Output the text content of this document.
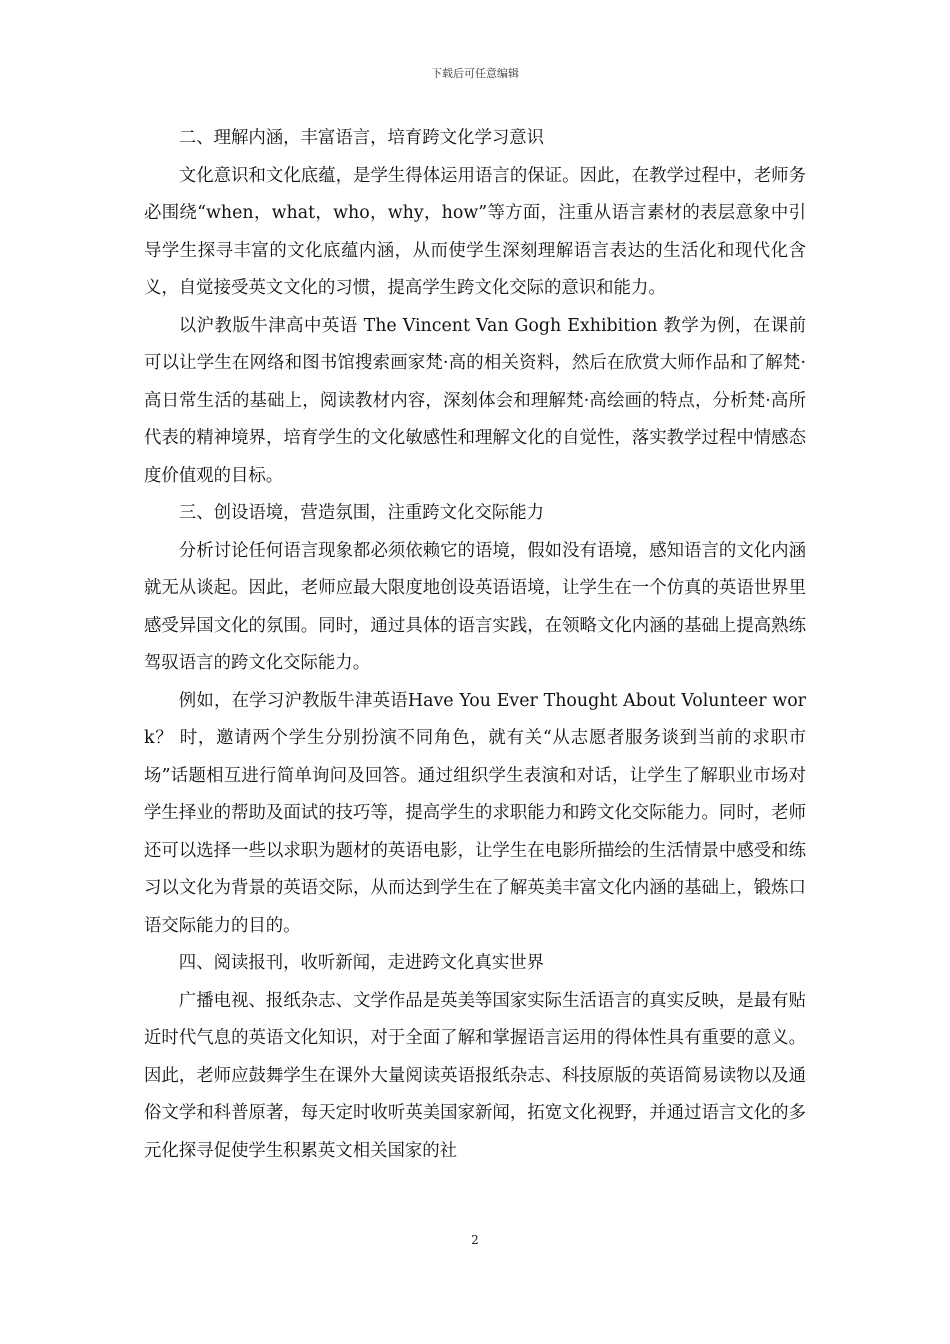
下载后可任意编辑

二、理解内涵，丰富语言，培育跨文化学习意识

文化意识和文化底蕴，是学生得体运用语言的保证。因此，在教学过程中，老师务必围绕“when，what，who，why，how”等方面，注重从语言素材的表层意象中引导学生探寻丰富的文化底蕴内涵，从而使学生深刻理解语言表达的生活化和现代化含义，自觉接受英文文化的习惯，提高学生跨文化交际的意识和能力。

以沪教版牛津高中英语 The Vincent Van Gogh Exhibition 教学为例，在课前可以让学生在网络和图书馆搜索画家梵·高的相关资料，然后在欣赏大师作品和了解梵·高日常生活的基础上，阅读教材内容，深刻体会和理解梵·高绘画的特点，分析梵·高所代表的精神境界，培育学生的文化敏感性和理解文化的自觉性，落实教学过程中情感态度价值观的目标。

三、创设语境，营造氛围，注重跨文化交际能力

分析讨论任何语言现象都必须依赖它的语境，假如没有语境，感知语言的文化内涵就无从谈起。因此，老师应最大限度地创设英语语境，让学生在一个仿真的英语世界里感受异国文化的氛围。同时，通过具体的语言实践，在领略文化内涵的基础上提高熟练驾驭语言的跨文化交际能力。

例如，在学习沪教版牛津英语Have You Ever Thought About Volunteer work？ 时，邀请两个学生分别扮演不同角色，就有关“从志愿者服务谈到当前的求职市场”话题相互进行简单询问及回答。通过组织学生表演和对话，让学生了解职业市场对学生择业的帮助及面试的技巧等，提高学生的求职能力和跨文化交际能力。同时，老师还可以选择一些以求职为题材的英语电影，让学生在电影所描绘的生活情景中感受和练习以文化为背景的英语交际，从而达到学生在了解英美丰富文化内涵的基础上，锻炼口语交际能力的目的。

四、阅读报刊，收听新闻，走进跨文化真实世界

广播电视、报纸杂志、文学作品是英美等国家实际生活语言的真实反映，是最有贴近时代气息的英语文化知识，对于全面了解和掌握语言运用的得体性具有重要的意义。因此，老师应鼓舞学生在课外大量阅读英语报纸杂志、科技原版的英语简易读物以及通俗文学和科普原著，每天定时收听英美国家新闻，拓宽文化视野，并通过语言文化的多元化探寻促使学生积累英文相关国家的社

2
